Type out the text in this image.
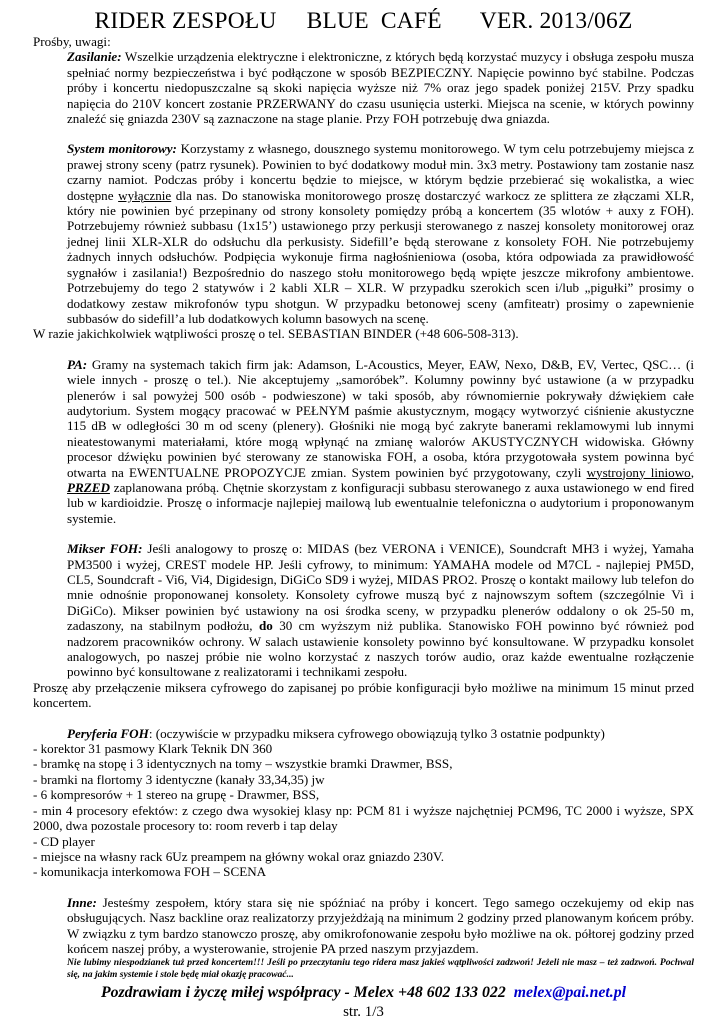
RIDER ZESPOŁU BLUE  CAFÉ VER. 2013/06Z

Prośby, uwagi:

Zasilanie: Wszelkie urządzenia elektryczne i elektroniczne, z których będą korzystać muzycy i obsługa zespołu musza spełniać normy bezpieczeństwa i być podłączone w sposób BEZPIECZNY. Napięcie powinno być stabilne. Podczas próby i koncertu niedopuszczalne są skoki napięcia wyższe niż 7% oraz jego spadek poniżej 215V. Przy spadku napięcia do 210V koncert zostanie PRZERWANY do czasu usunięcia usterki. Miejsca na scenie, w których powinny znaleźć się gniazda 230V są zaznaczone na stage planie. Przy FOH potrzebuję dwa gniazda.

System monitorowy: Korzystamy z własnego, dousznego systemu monitorowego. W tym celu potrzebujemy miejsca z prawej strony sceny (patrz rysunek). Powinien to być dodatkowy moduł min. 3x3 metry. Postawiony tam zostanie nasz czarny namiot. Podczas próby i koncertu będzie to miejsce, w którym będzie przebierać się wokalistka, a wiec dostępne wyłącznie dla nas. Do stanowiska monitorowego proszę dostarczyć warkocz ze splittera ze złączami XLR, który nie powinien być przepinany od strony konsolety pomiędzy próbą a koncertem (35 wlotów + auxy z FOH). Potrzebujemy również subbasu (1x15’) ustawionego przy perkusji sterowanego z naszej konsolety monitorowej oraz jednej linii XLR-XLR do odsłuchu dla perkusisty. Sidefill’e będą sterowane z konsolety FOH. Nie potrzebujemy żadnych innych odsłuchów. Podpięcia wykonuje firma nagłośnieniowa (osoba, która odpowiada za prawidłowość sygnałów i zasilania!) Bezpośrednio do naszego stołu monitorowego będą wpięte jeszcze mikrofony ambientowe. Potrzebujemy do tego 2 statywów i 2 kabli XLR – XLR. W przypadku szerokich scen i/lub „pigułki” prosimy o dodatkowy zestaw mikrofonów typu shotgun. W przypadku betonowej sceny (amfiteatr) prosimy o zapewnienie subbasów do sidefill’a lub dodatkowych kolumn basowych na scenę.

W razie jakichkolwiek wątpliwości proszę o tel. SEBASTIAN BINDER (+48 606-508-313).

PA: Gramy na systemach takich firm jak: Adamson, L-Acoustics, Meyer, EAW, Nexo, D&B, EV, Vertec, QSC… (i wiele innych - proszę o tel.). Nie akceptujemy „samoróbek”. Kolumny powinny być ustawione (a w przypadku plenerów i sal powyżej 500 osób - podwieszone) w taki sposób, aby równomiernie pokrywały dźwiękiem całe audytorium. System mogący pracować w PEŁNYM paśmie akustycznym, mogący wytworzyć ciśnienie akustyczne 115 dB w odległości 30 m od sceny (plenery). Głośniki nie mogą być zakryte banerami reklamowymi lub innymi nieatestowanymi materiałami, które mogą wpłynąć na zmianę walorów AKUSTYCZNYCH widowiska. Główny procesor dźwięku powinien być sterowany ze stanowiska FOH, a osoba, która przygotowała system powinna być otwarta na EWENTUALNE PROPOZYCJE zmian. System powinien być przygotowany, czyli wystrojony liniowo, PRZED zaplanowana próbą. Chętnie skorzystam z konfiguracji subbasu sterowanego z auxa ustawionego w end fired lub w kardioidzie. Proszę o informacje najlepiej mailową lub ewentualnie telefoniczna o audytorium i proponowanym systemie.

Mikser FOH: Jeśli analogowy to proszę o: MIDAS (bez VERONA i VENICE), Soundcraft MH3 i wyżej, Yamaha PM3500 i wyżej, CREST modele HP. Jeśli cyfrowy, to minimum: YAMAHA modele od M7CL - najlepiej PM5D, CL5, Soundcraft - Vi6, Vi4, Digidesign, DiGiCo SD9 i wyżej, MIDAS PRO2. Proszę o kontakt mailowy lub telefon do mnie odnośnie proponowanej konsolety. Konsolety cyfrowe muszą być z najnowszym softem (szczególnie Vi i DiGiCo). Mikser powinien być ustawiony na osi środka sceny, w przypadku plenerów oddalony o ok 25-50 m, zadaszony, na stabilnym podłożu, do 30 cm wyższym niż publika. Stanowisko FOH powinno być również pod nadzorem pracowników ochrony. W salach ustawienie konsolety powinno być konsultowane. W przypadku konsolet analogowych, po naszej próbie nie wolno korzystać z naszych torów audio, oraz każde ewentualne rozłączenie powinno być konsultowane z realizatorami i technikami zespołu.

Proszę aby przełączenie miksera cyfrowego do zapisanej po próbie konfiguracji było możliwe na minimum 15 minut przed koncertem.

Peryferia FOH: (oczywiście w przypadku miksera cyfrowego obowiązują tylko 3 ostatnie podpunkty)

- korektor 31 pasmowy Klark Teknik DN 360

- bramkę na stopę i 3 identycznych na tomy – wszystkie bramki Drawmer, BSS,

- bramki na flortomy 3 identyczne (kanały 33,34,35) jw

- 6 kompresorów + 1 stereo na grupę - Drawmer, BSS,

- min 4 procesory efektów: z czego dwa wysokiej klasy np: PCM 81 i wyższe najchętniej PCM96, TC 2000 i wyższe, SPX 2000, dwa pozostale procesory to: room reverb i tap delay

- CD player

- miejsce na własny rack 6Uz preampem na główny wokal oraz gniazdo 230V.

- komunikacja interkomowa FOH – SCENA

Inne: Jesteśmy zespołem, który stara się nie spóźniać na próby i koncert. Tego samego oczekujemy od ekip nas obsługujących. Nasz backline oraz realizatorzy przyjeżdżają na minimum 2 godziny przed planowanym końcem próby. W związku z tym bardzo stanowczo proszę, aby omikrofonowanie zespołu było możliwe na ok. półtorej godziny przed końcem naszej próby, a wysterowanie, strojenie PA przed naszym przyjazdem.

Nie lubimy niespodzianek tuż przed koncertem!!! Jeśli po przeczytaniu tego ridera masz jakieś wątpliwości zadzwoń! Jeżeli nie masz – też zadzwoń. Pochwal się, na jakim systemie i stole będę miał okazję pracować...

Pozdrawiam i życzę miłej współpracy - Melex +48 602 133 022 melex@pai.net.pl
str. 1/3
